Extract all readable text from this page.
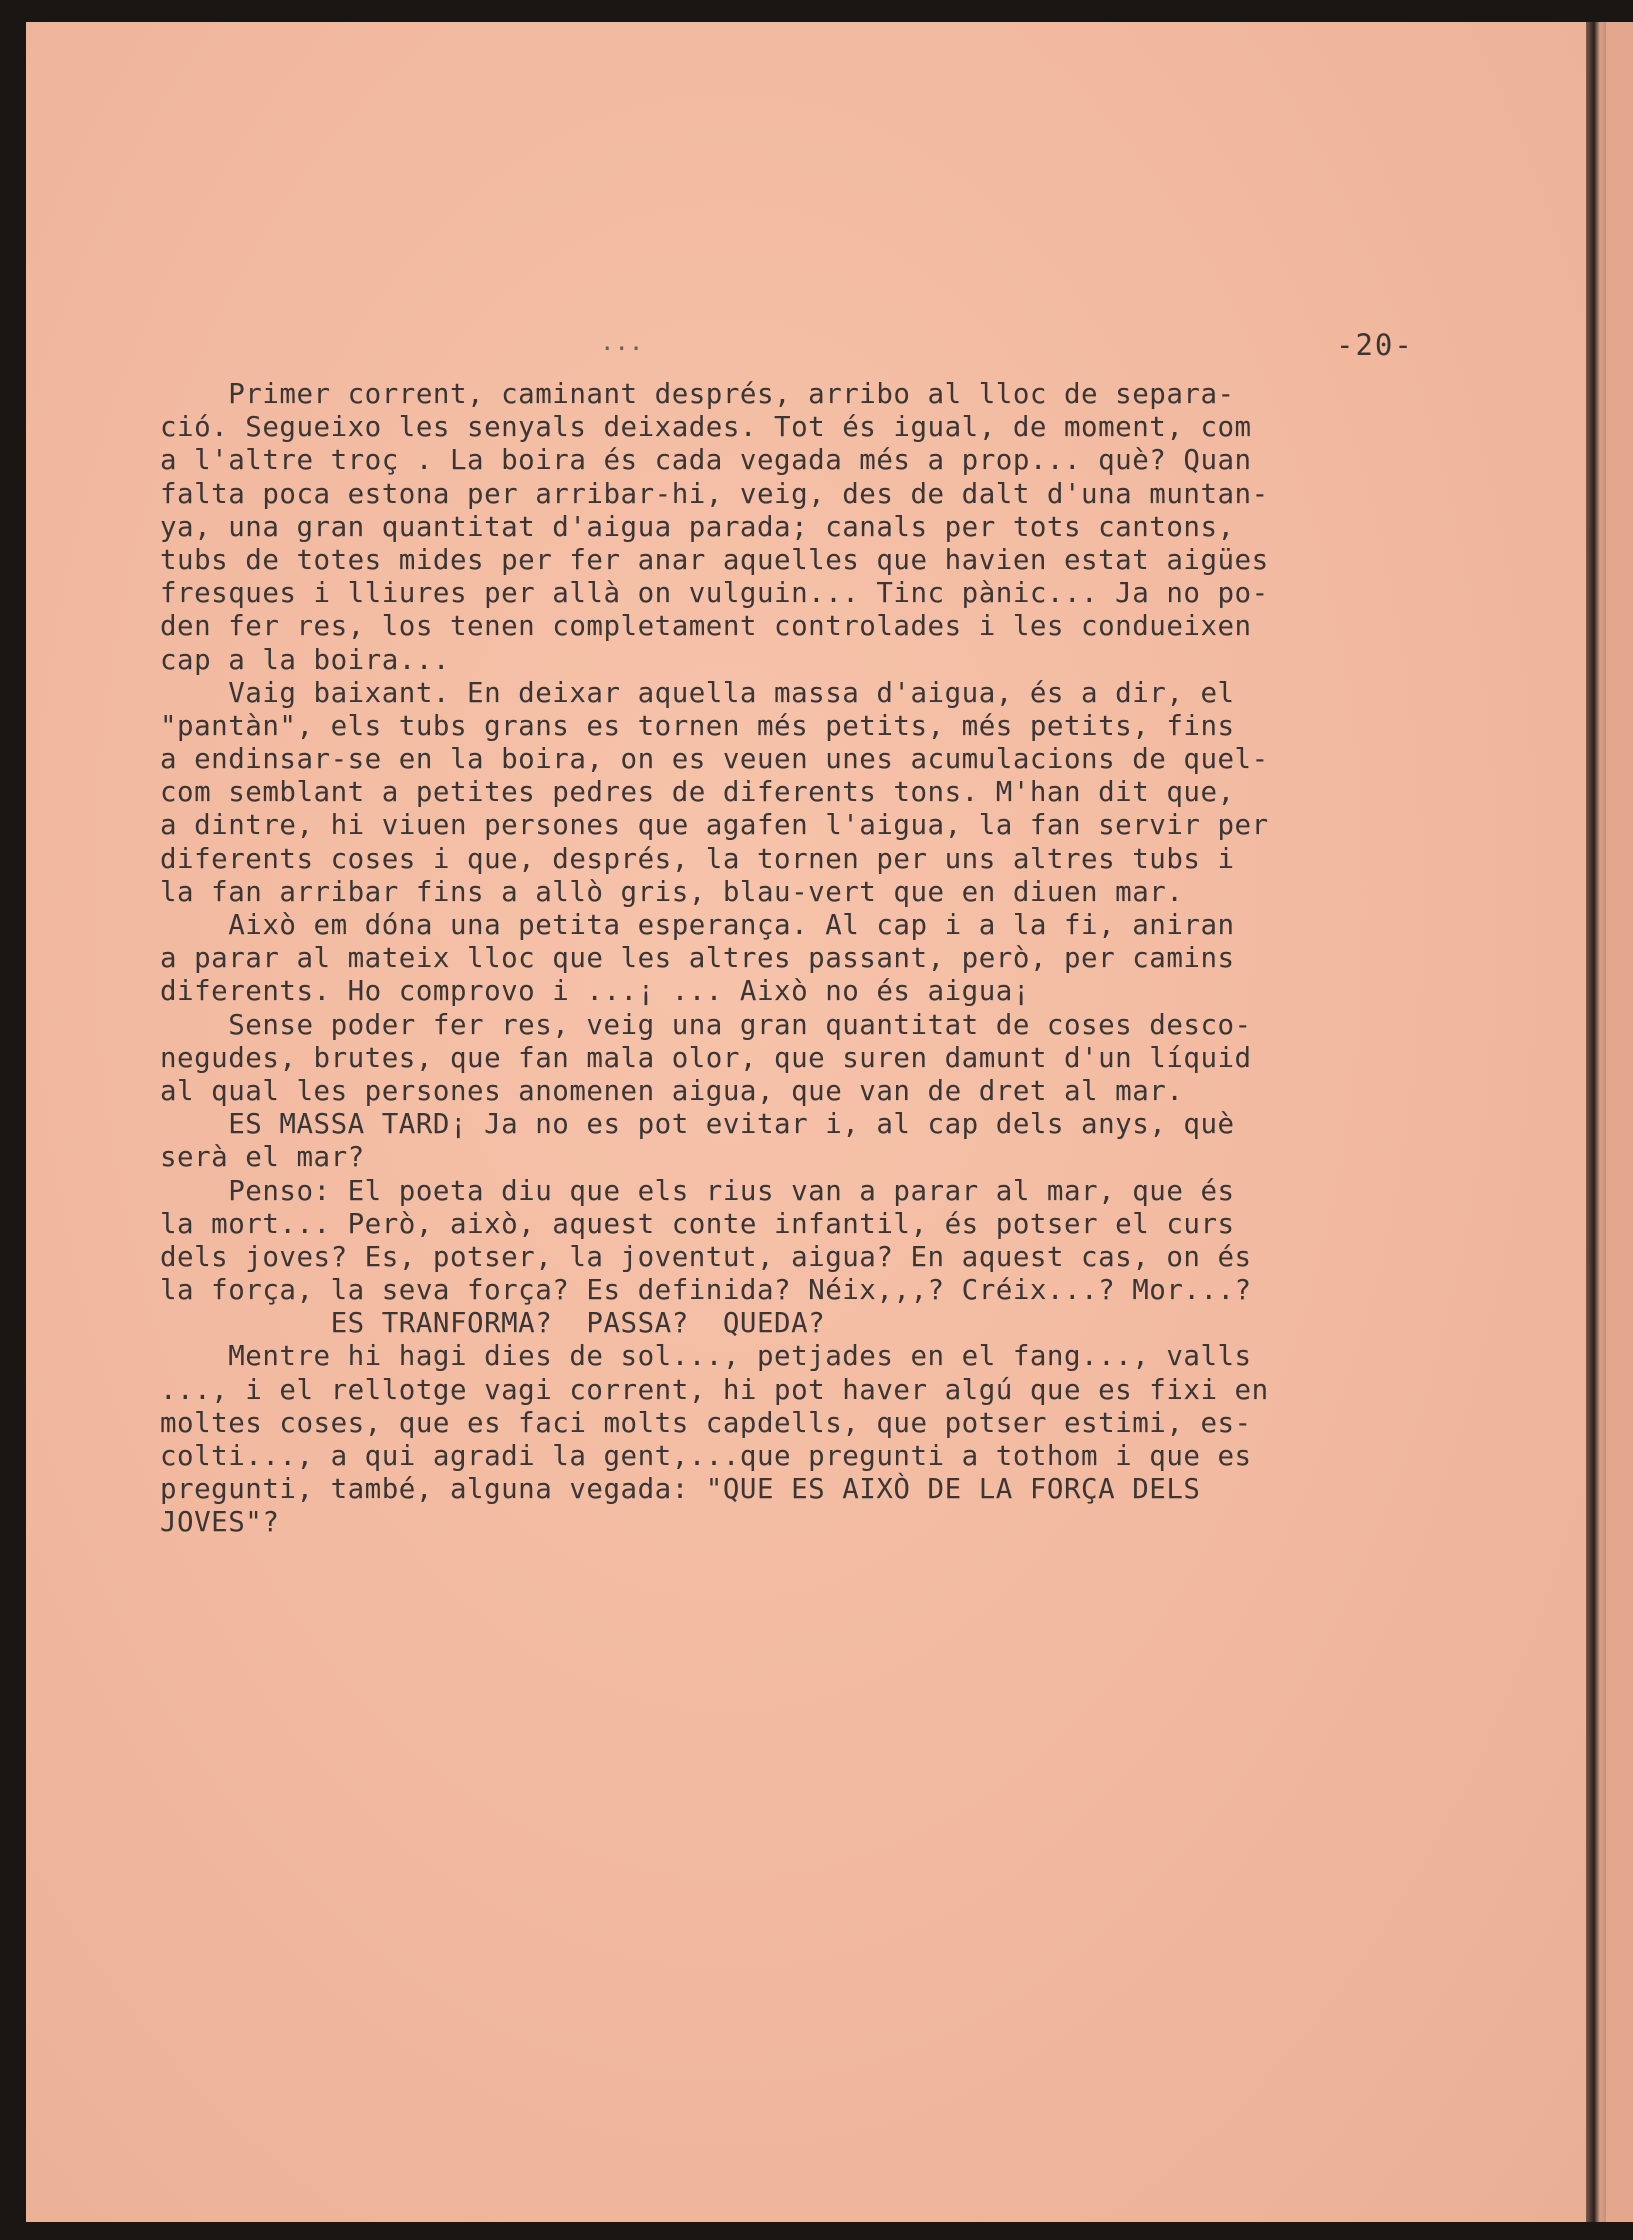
...	-20-
Primer corrent, caminant després, arribo al lloc de separa-
ció. Segueixo les senyals deixades. Tot és igual, de moment, com
a l'altre troç . La boira és cada vegada més a prop... què? Quan
falta poca estona per arribar-hi, veig, des de dalt d'una muntan-
ya, una gran quantitat d'aigua parada; canals per tots cantons,
tubs de totes mides per fer anar aquelles que havien estat aigües
fresques i lliures per allà on vulguin... Tinc pànic... Ja no po-
den fer res, los tenen completament controlades i les condueixen
cap a la boira...
Vaig baixant. En deixar aquella massa d'aigua, és a dir, el
"pantàn", els tubs grans es tornen més petits, més petits, fins
a endinsar-se en la boira, on es veuen unes acumulacions de quel-
com semblant a petites pedres de diferents tons. M'han dit que,
a dintre, hi viuen persones que agafen l'aigua, la fan servir per
diferents coses i que, després, la tornen per uns altres tubs i
la fan arribar fins a allò gris, blau-vert que en diuen mar.
Això em dóna una petita esperança. Al cap i a la fi, aniran
a parar al mateix lloc que les altres passant, però, per camins
diferents. Ho comprovo i ...¡ ... Això no és aigua¡
Sense poder fer res, veig una gran quantitat de coses desco-
negudes, brutes, que fan mala olor, que suren damunt d'un líquid
al qual les persones anomenen aigua, que van de dret al mar.
ES MASSA TARD¡ Ja no es pot evitar i, al cap dels anys, què
serà el mar?
Penso: El poeta diu que els rius van a parar al mar, que és
la mort... Però, això, aquest conte infantil, és potser el curs
dels joves? Es, potser, la joventut, aigua? En aquest cas, on és
la força, la seva força? Es definida? Néix,,,? Créix...? Mor...?
ES TRANFORMA?  PASSA?  QUEDA?
Mentre hi hagi dies de sol..., petjades en el fang..., valls
..., i el rellotge vagi corrent, hi pot haver algú que es fixi en
moltes coses, que es faci molts capdells, que potser estimi, es-
colti..., a qui agradi la gent,...que pregunti a tothom i que es
pregunti, també, alguna vegada: "QUE ES AIXÒ DE LA FORÇA DELS
JOVES"?
